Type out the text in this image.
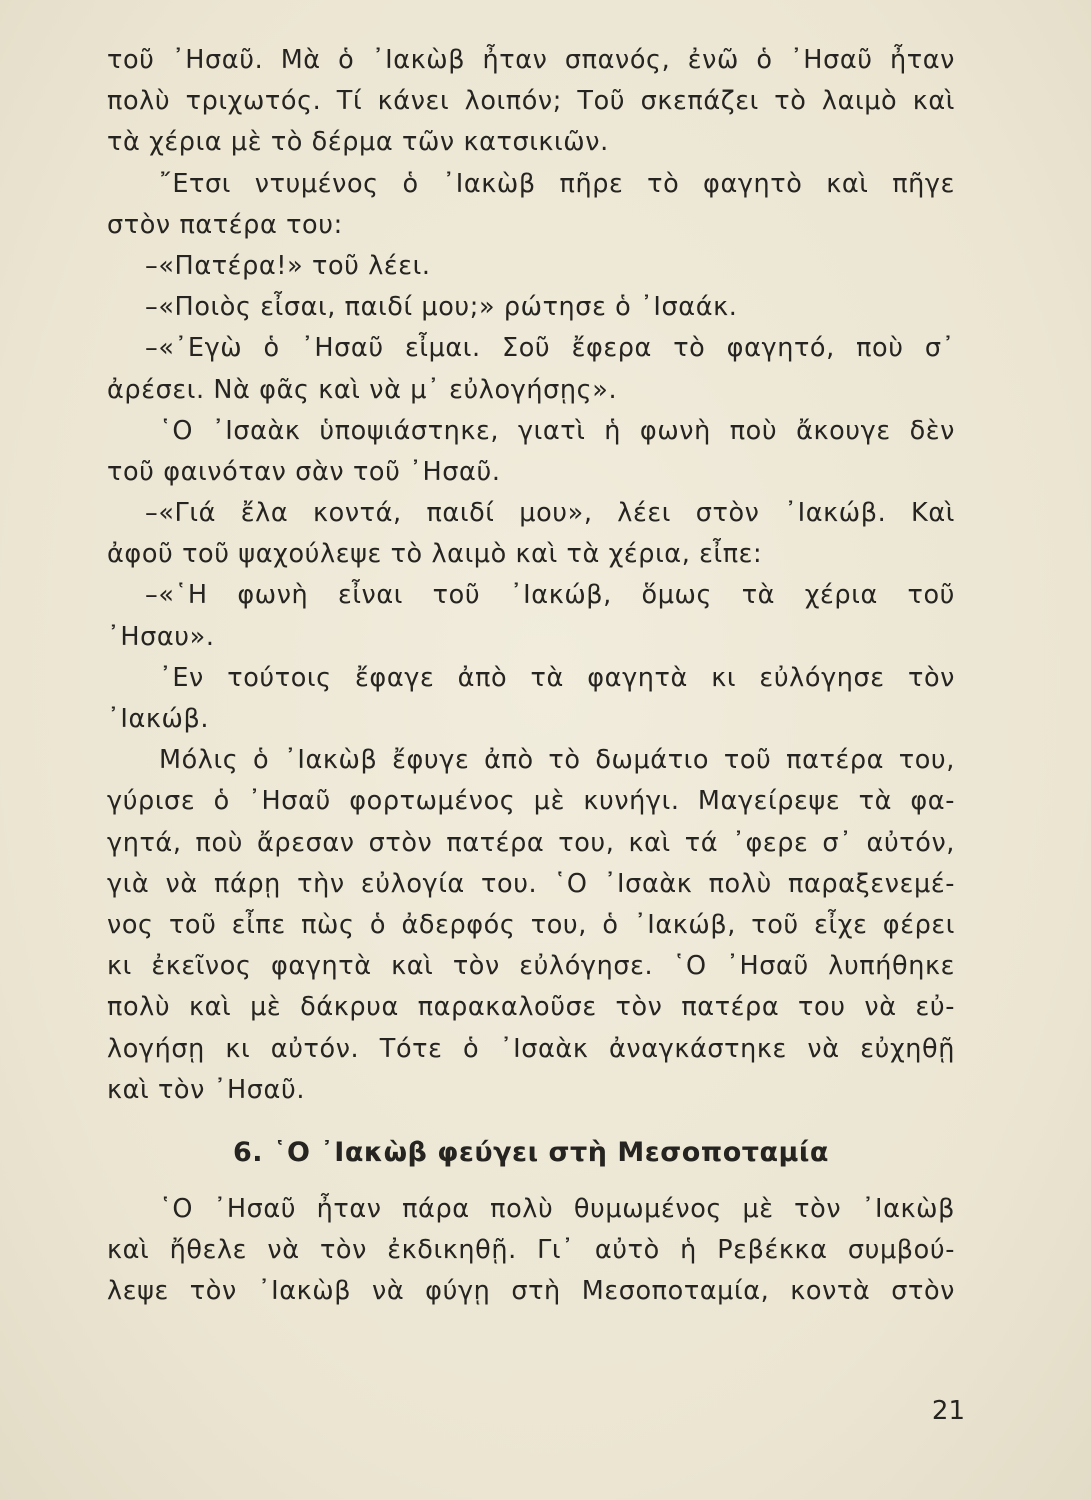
τοῦ ᾿Ησαῦ. Μὰ ὁ ᾿Ιακὼβ ἦταν σπανός, ἐνῶ ὁ ᾿Ησαῦ ἦταν
πολὺ τριχωτός. Τί κάνει λοιπόν; Τοῦ σκεπάζει τὸ λαιμὸ καὶ
τὰ χέρια μὲ τὸ δέρμα τῶν κατσικιῶν.
῎Ετσι ντυμένος ὁ ᾿Ιακὼβ πῆρε τὸ φαγητὸ καὶ πῆγε
στὸν πατέρα του:
–«Πατέρα!» τοῦ λέει.
–«Ποιὸς εἶσαι, παιδί μου;» ρώτησε ὁ ᾿Ισαάκ.
–«᾿Εγὼ ὁ ᾿Ησαῦ εἶμαι. Σοῦ ἔφερα τὸ φαγητό, ποὺ σ᾿
ἀρέσει. Νὰ φᾶς καὶ νὰ μ᾿ εὐλογήσῃς».
῾Ο ᾿Ισαὰκ ὑποψιάστηκε, γιατὶ ἡ φωνὴ ποὺ ἄκουγε δὲν
τοῦ φαινόταν σὰν τοῦ ᾿Ησαῦ.
–«Γιά ἔλα κοντά, παιδί μου», λέει στὸν ᾿Ιακώβ. Καὶ
ἀφοῦ τοῦ ψαχούλεψε τὸ λαιμὸ καὶ τὰ χέρια, εἶπε:
–«῾Η φωνὴ εἶναι τοῦ ᾿Ιακώβ, ὅμως τὰ χέρια τοῦ
᾿Ησαυ».
᾿Εν τούτοις ἔφαγε ἀπὸ τὰ φαγητὰ κι εὐλόγησε τὸν
᾿Ιακώβ.
Μόλις ὁ ᾿Ιακὼβ ἔφυγε ἀπὸ τὸ δωμάτιο τοῦ πατέρα του,
γύρισε ὁ ᾿Ησαῦ φορτωμένος μὲ κυνήγι. Μαγείρεψε τὰ φα-
γητά, ποὺ ἄρεσαν στὸν πατέρα του, καὶ τά ᾿φερε σ᾿ αὐτόν,
γιὰ νὰ πάρῃ τὴν εὐλογία του. ῾Ο ᾿Ισαὰκ πολὺ παραξενεμέ-
νος τοῦ εἶπε πὼς ὁ ἀδερφός του, ὁ ᾿Ιακώβ, τοῦ εἶχε φέρει
κι ἐκεῖνος φαγητὰ καὶ τὸν εὐλόγησε. ῾Ο ᾿Ησαῦ λυπήθηκε
πολὺ καὶ μὲ δάκρυα παρακαλοῦσε τὸν πατέρα του νὰ εὐ-
λογήσῃ κι αὐτόν. Τότε ὁ ᾿Ισαὰκ ἀναγκάστηκε νὰ εὐχηθῇ
καὶ τὸν ᾿Ησαῦ.
6. ῾Ο ᾿Ιακὼβ φεύγει στὴ Μεσοποταμία
῾Ο ᾿Ησαῦ ἦταν πάρα πολὺ θυμωμένος μὲ τὸν ᾿Ιακὼβ
καὶ ἤθελε νὰ τὸν ἐκδικηθῇ. Γι᾿ αὐτὸ ἡ Ρεβέκκα συμβού-
λεψε τὸν ᾿Ιακὼβ νὰ φύγῃ στὴ Μεσοποταμία, κοντὰ στὸν
21
